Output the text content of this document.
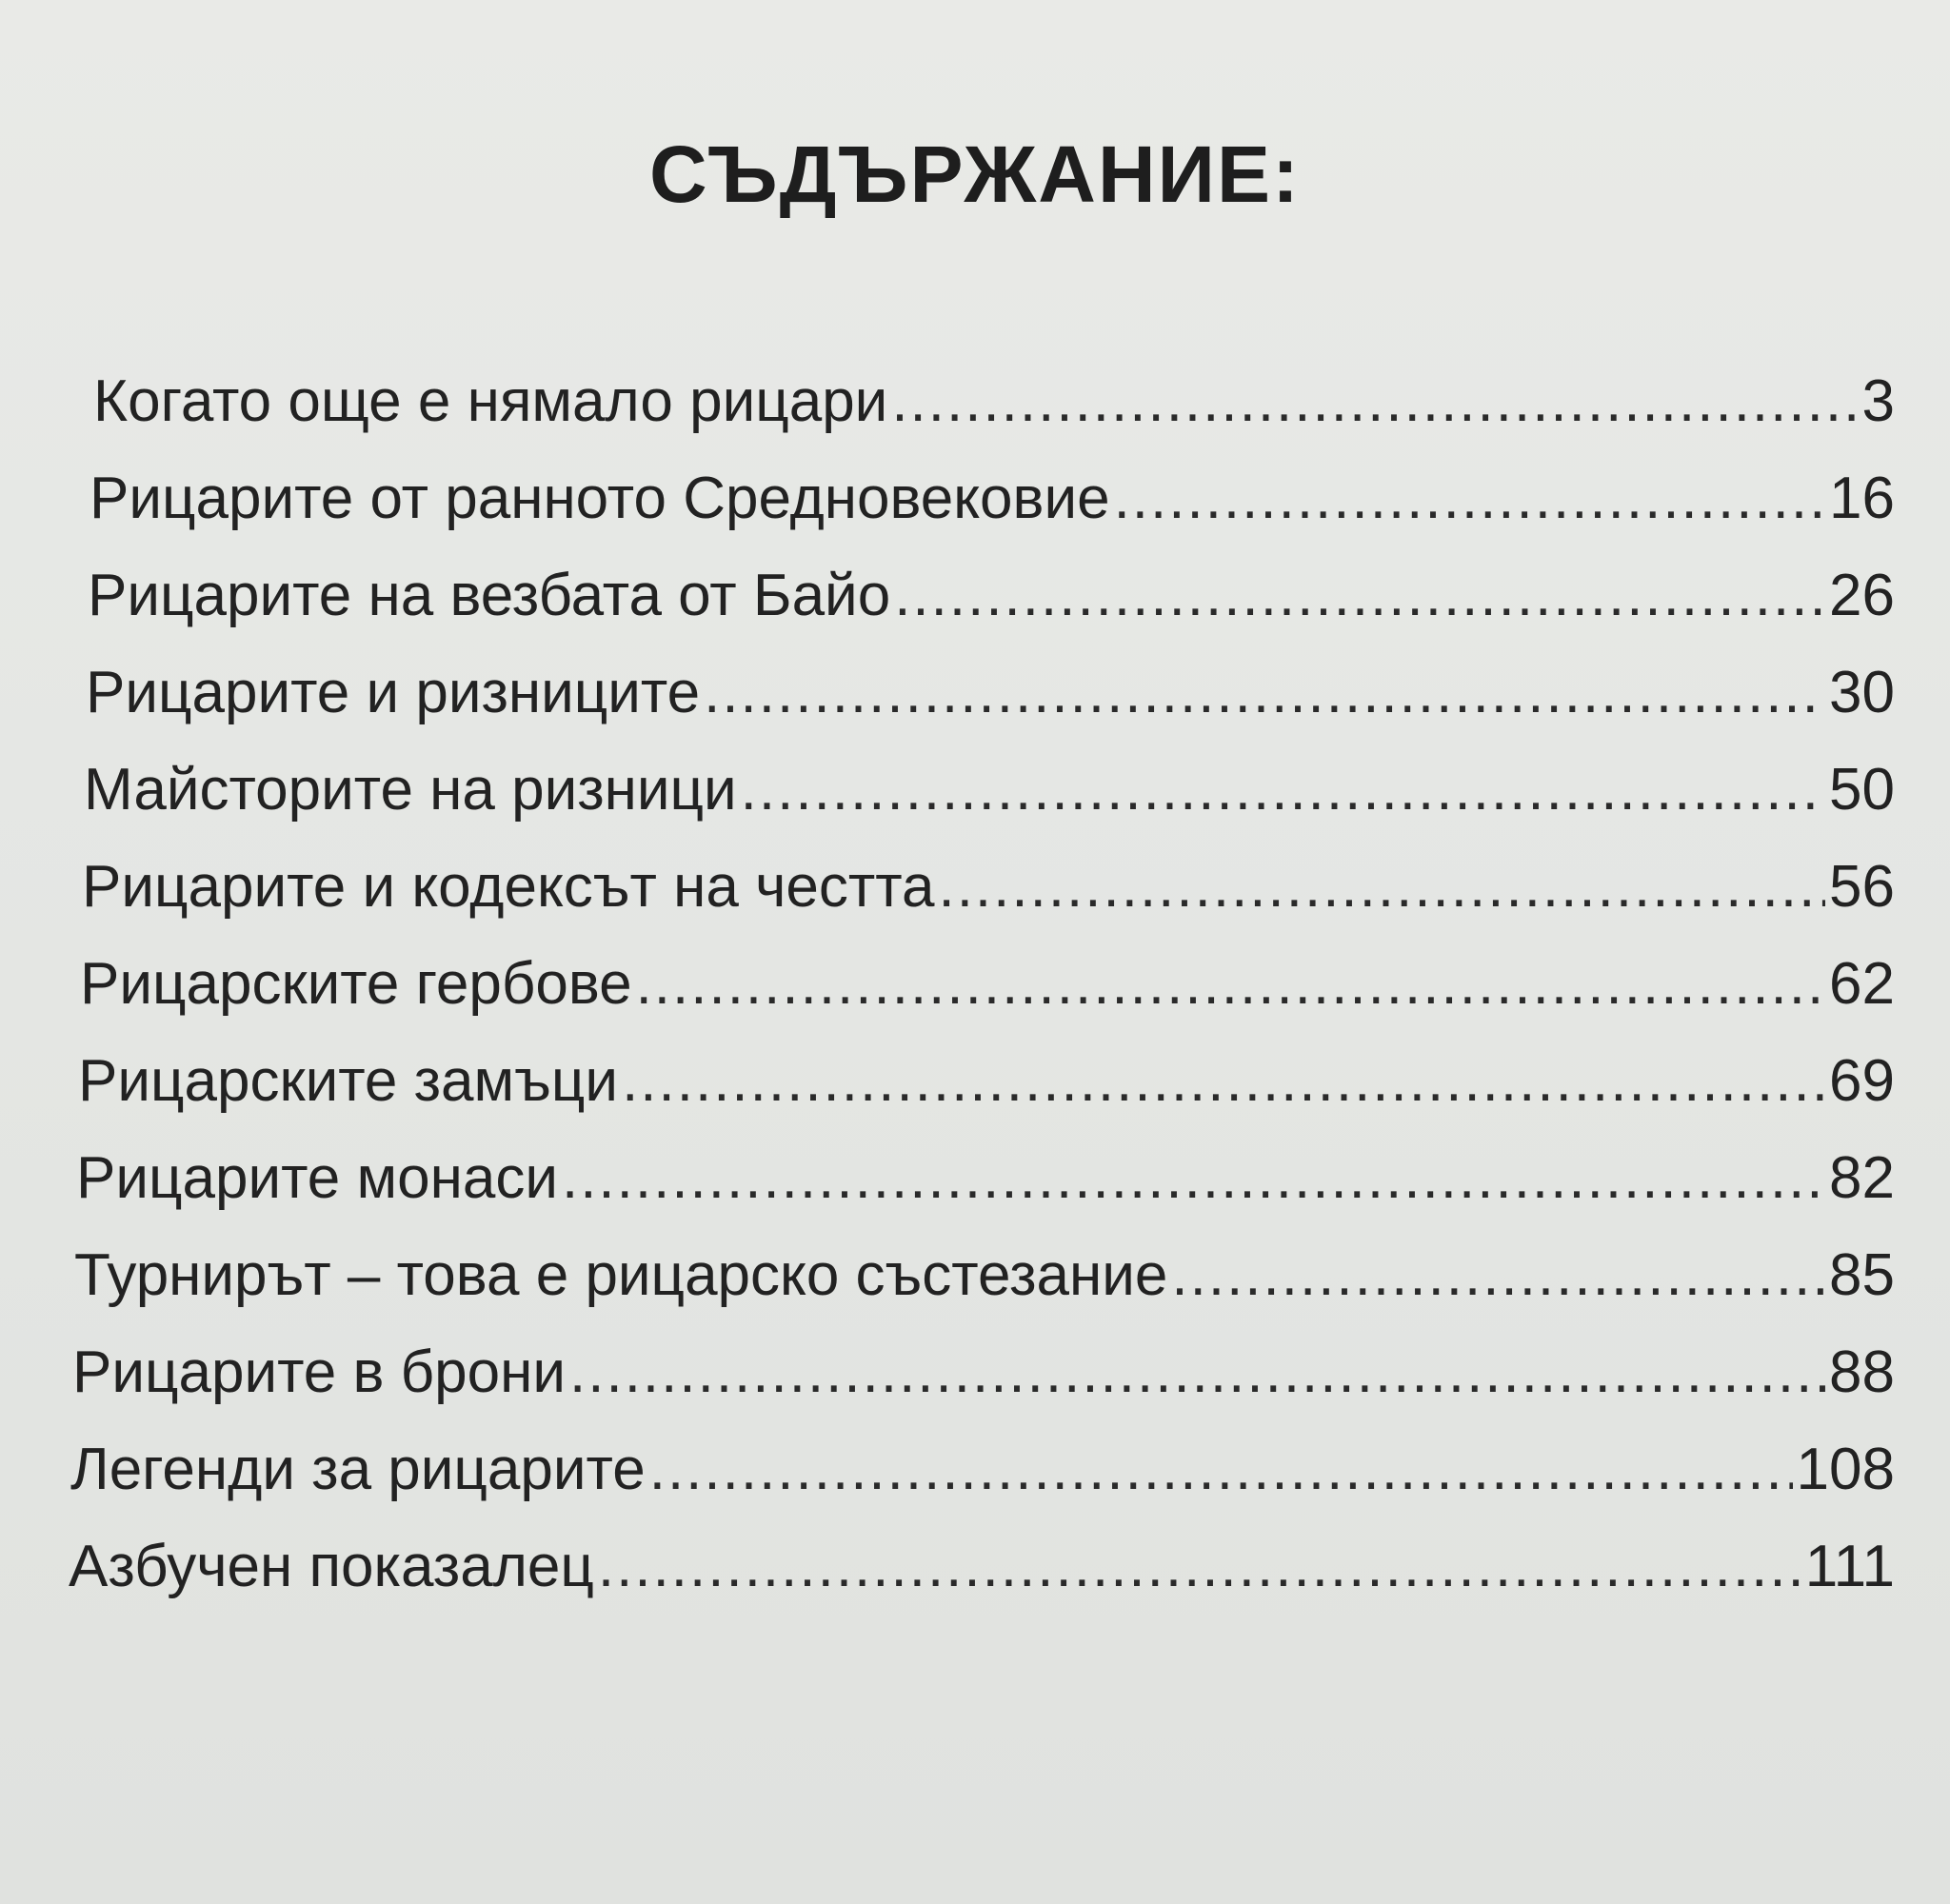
СЪДЪРЖАНИЕ:
Когато още е нямало рицари .....	3
Рицарите от ранното Средновековие .....	16
Рицарите на везбата от Байо .....	26
Рицарите и ризниците .....	30
Майсторите на ризници .....	50
Рицарите и кодексът на честта .....	56
Рицарските гербове .....	62
Рицарските замъци .....	69
Рицарите монаси .....	82
Турнирът – това е рицарско състезание .....	85
Рицарите в брони .....	88
Легенди за рицарите .....	108
Азбучен показалец .....	111
